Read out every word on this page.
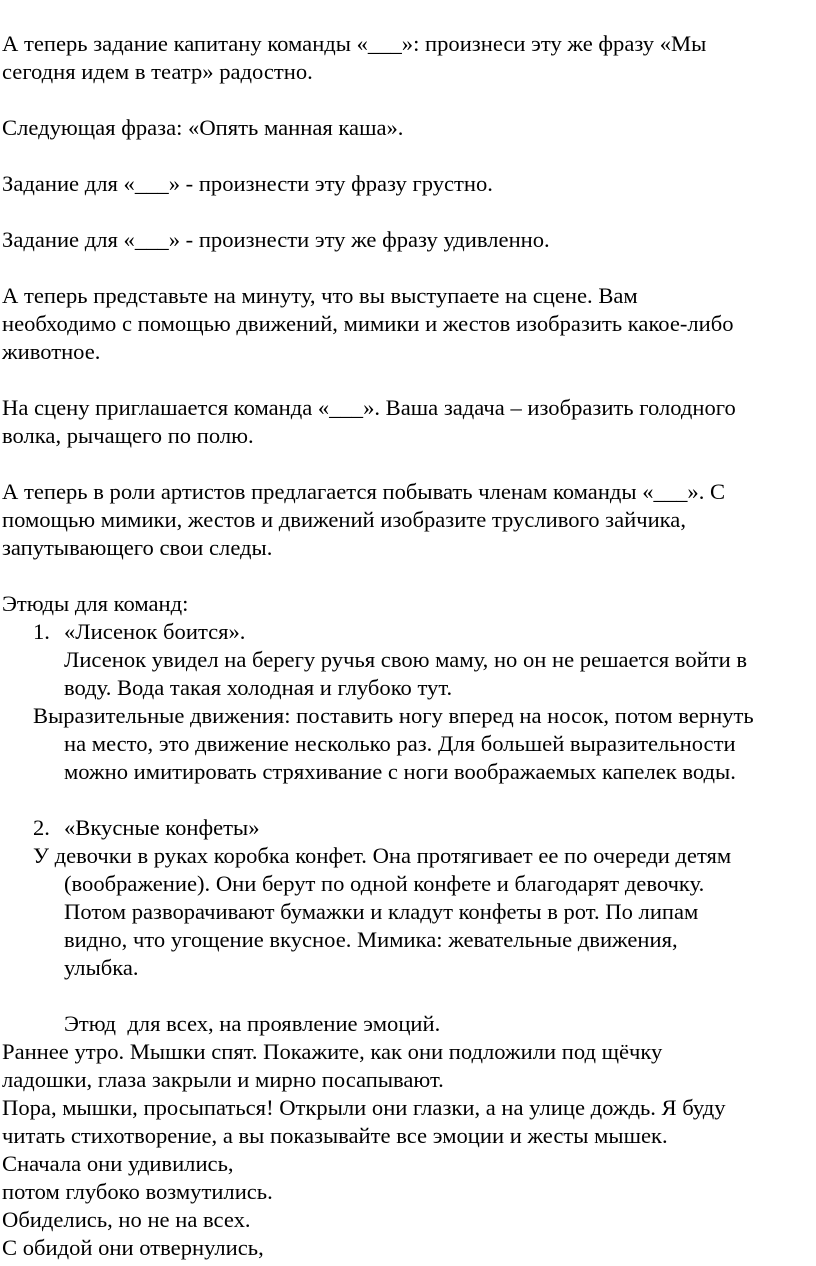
А теперь задание капитану команды «___»: произнеси эту же фразу «Мы
сегодня идем в театр» радостно.
Следующая фраза: «Опять манная каша».
Задание для «___» - произнести эту фразу грустно.
Задание для «___» - произнести эту же фразу удивленно.
А теперь представьте на минуту, что вы выступаете на сцене. Вам
необходимо с помощью движений, мимики и жестов изобразить какое-либо
животное.
На сцену приглашается команда «___». Ваша задача – изобразить голодного
волка, рычащего по полю.
А теперь в роли артистов предлагается побывать членам команды «___». С
помощью мимики, жестов и движений изобразите трусливого зайчика,
запутывающего свои следы.
Этюды для команд:
1. «Лисенок боится».
Лисенок увидел на берегу ручья свою маму, но он не решается войти в
воду. Вода такая холодная и глубоко тут.
Выразительные движения: поставить ногу вперед на носок, потом вернуть
на место, это движение несколько раз. Для большей выразительности
можно имитировать стряхивание с ноги воображаемых капелек воды.
2. «Вкусные конфеты»
У девочки в руках коробка конфет. Она протягивает ее по очереди детям
(воображение). Они берут по одной конфете и благодарят девочку.
Потом разворачивают бумажки и кладут конфеты в рот. По липам
видно, что угощение вкусное. Мимика: жевательные движения,
улыбка.
Этюд  для всех, на проявление эмоций.
Раннее утро. Мышки спят. Покажите, как они подложили под щёчку
ладошки, глаза закрыли и мирно посапывают.
Пора, мышки, просыпаться! Открыли они глазки, а на улице дождь. Я буду
читать стихотворение, а вы показывайте все эмоции и жесты мышек.
Сначала они удивились,
потом глубоко возмутились.
Обиделись, но не на всех.
С обидой они отвернулись,
